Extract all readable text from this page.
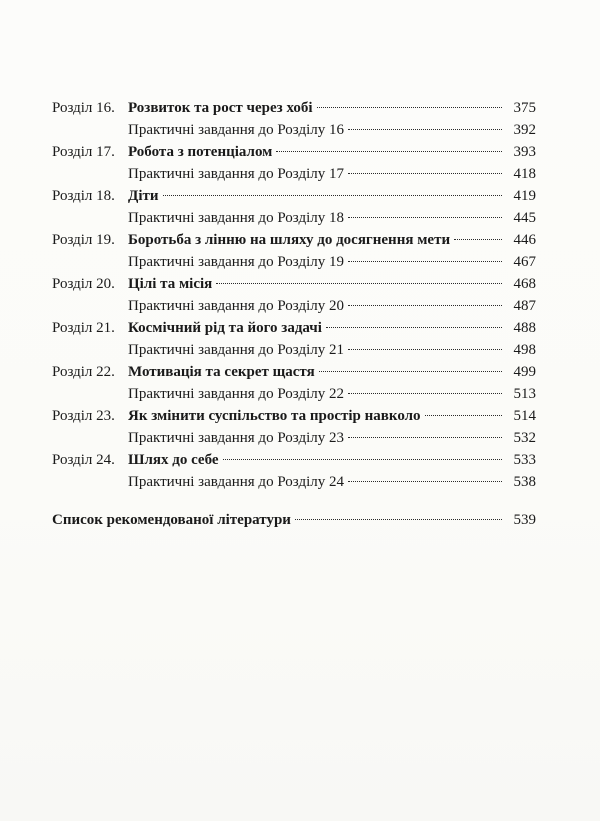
Розділ 16. Розвиток та рост через хобі	375
Практичні завдання до Розділу 16	392
Розділ 17. Робота з потенціалом	393
Практичні завдання до Розділу 17	418
Розділ 18. Діти	419
Практичні завдання до Розділу 18	445
Розділ 19. Боротьба з лінню на шляху до досягнення мети	446
Практичні завдання до Розділу 19	467
Розділ 20. Цілі та місія	468
Практичні завдання до Розділу 20	487
Розділ 21. Космічний рід та його задачі	488
Практичні завдання до Розділу 21	498
Розділ 22. Мотивація та секрет щастя	499
Практичні завдання до Розділу 22	513
Розділ 23. Як змінити суспільство та простір навколо	514
Практичні завдання до Розділу 23	532
Розділ 24. Шлях до себе	533
Практичні завдання до Розділу 24	538
Список рекомендованої літератури	539
